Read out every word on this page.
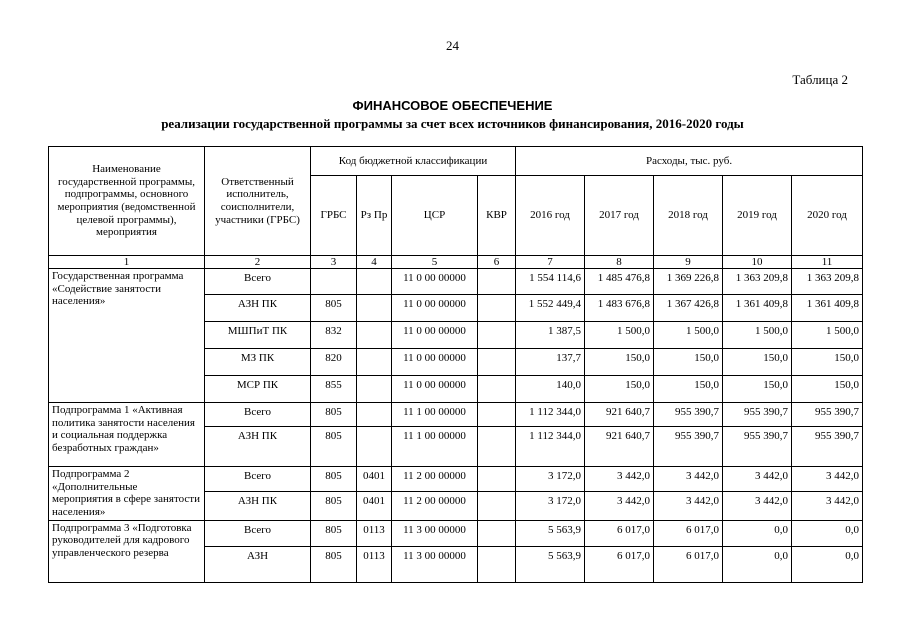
24
Таблица 2
ФИНАНСОВОЕ ОБЕСПЕЧЕНИЕ
реализации государственной программы за счет всех источников финансирования, 2016-2020 годы
Наименование государственной программы, подпрограммы, основного мероприятия (ведомственной целевой программы), мероприятия	Ответственный исполнитель, соисполнители, участники (ГРБС)	Код бюджетной классификации				Расходы, тыс. руб.				
		ГРБС	Рз Пр	ЦСР	КВР	2016 год	2017 год	2018 год	2019 год	2020 год
1	2	3	4	5	6	7	8	9	10	11
Государственная программа «Содействие занятости населения»	Всего			11 0 00 00000		1 554 114,6	1 485 476,8	1 369 226,8	1 363 209,8	1 363 209,8
	АЗН ПК	805		11 0 00 00000		1 552 449,4	1 483 676,8	1 367 426,8	1 361 409,8	1 361 409,8
	МШПиТ ПК	832		11 0 00 00000		1 387,5	1 500,0	1 500,0	1 500,0	1 500,0
	МЗ ПК	820		11 0 00 00000		137,7	150,0	150,0	150,0	150,0
	МСР ПК	855		11 0 00 00000		140,0	150,0	150,0	150,0	150,0
Подпрограмма 1 «Активная политика занятости населения и социальная поддержка безработных граждан»	Всего	805		11 1 00 00000		1 112 344,0	921 640,7	955 390,7	955 390,7	955 390,7
	АЗН ПК	805		11 1 00 00000		1 112 344,0	921 640,7	955 390,7	955 390,7	955 390,7
Подпрограмма 2 «Дополнительные мероприятия в сфере занятости населения»	Всего	805	0401	11 2 00 00000		3 172,0	3 442,0	3 442,0	3 442,0	3 442,0
	АЗН ПК	805	0401	11 2 00 00000		3 172,0	3 442,0	3 442,0	3 442,0	3 442,0
Подпрограмма 3 «Подготовка руководителей для кадрового управленческого резерва	Всего	805	0113	11 3 00 00000		5 563,9	6 017,0	6 017,0	0,0	0,0
	АЗН	805	0113	11 3 00 00000		5 563,9	6 017,0	6 017,0	0,0	0,0
